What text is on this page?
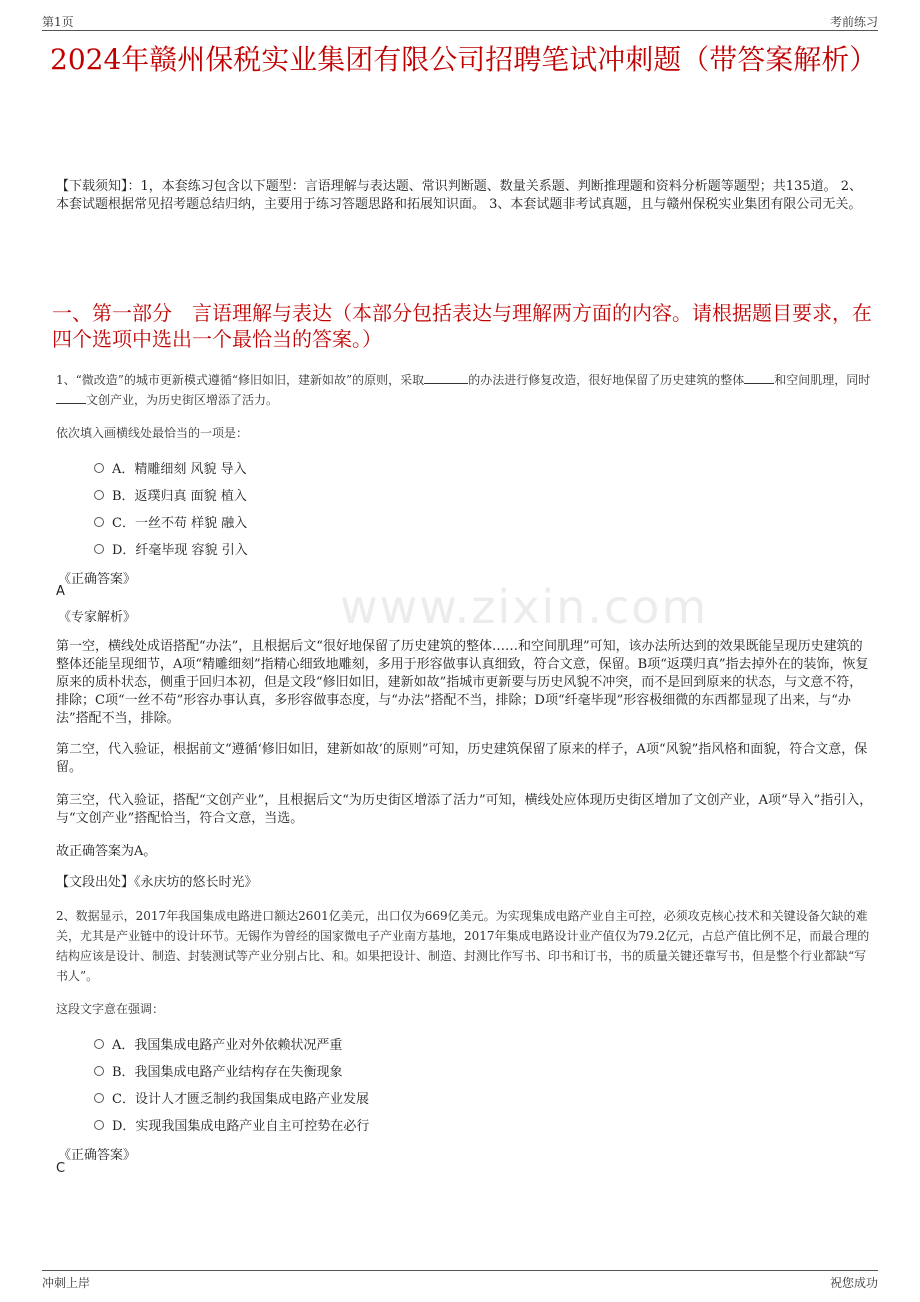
第1页	考前练习
www.zixin.com
2024年赣州保税实业集团有限公司招聘笔试冲刺题（带答案解析）
【下载须知】：1，本套练习包含以下题型：言语理解与表达题、常识判断题、数量关系题、判断推理题和资料分析题等题型；共135道。 2、本套试题根据常见招考题总结归纳，主要用于练习答题思路和拓展知识面。 3、本套试题非考试真题，且与赣州保税实业集团有限公司无关。
一、第一部分　言语理解与表达（本部分包括表达与理解两方面的内容。请根据题目要求，在四个选项中选出一个最恰当的答案。）
1、“微改造”的城市更新模式遵循“修旧如旧，建新如故”的原则，采取	的办法进行修复改造，很好地保留了历史建筑的整体	和空间肌理，同时文创产业，为历史街区增添了活力。
依次填入画横线处最恰当的一项是：
A．精雕细刻 风貌 导入
B．返璞归真 面貌 植入
C．一丝不苟 样貌 融入
D．纤毫毕现 容貌 引入
《正确答案》
A
《专家解析》
第一空，横线处成语搭配“办法”，且根据后文“很好地保留了历史建筑的整体……和空间肌理”可知，该办法所达到的效果既能呈现历史建筑的整体还能呈现细节，A项“精雕细刻”指精心细致地雕刻，多用于形容做事认真细致，符合文意，保留。B项“返璞归真”指去掉外在的装饰，恢复原来的质朴状态，侧重于回归本初，但是文段“修旧如旧，建新如故”指城市更新要与历史风貌不冲突，而不是回到原来的状态，与文意不符，排除；C项“一丝不苟”形容办事认真，多形容做事态度，与“办法”搭配不当，排除；D项“纤毫毕现”形容极细微的东西都显现了出来，与“办法”搭配不当，排除。
第二空，代入验证，根据前文“遵循‘修旧如旧，建新如故’的原则”可知，历史建筑保留了原来的样子，A项“风貌”指风格和面貌，符合文意，保留。
第三空，代入验证，搭配“文创产业”，且根据后文“为历史街区增添了活力”可知，横线处应体现历史街区增加了文创产业，A项“导入”指引入，与“文创产业”搭配恰当，符合文意，当选。
故正确答案为A。
【文段出处】《永庆坊的悠长时光》
2、数据显示，2017年我国集成电路进口额达2601亿美元，出口仅为669亿美元。为实现集成电路产业自主可控，必须攻克核心技术和关键设备欠缺的难关，尤其是产业链中的设计环节。无锡作为曾经的国家微电子产业南方基地，2017年集成电路设计业产值仅为79.2亿元，占总产值比例不足，而最合理的结构应该是设计、制造、封装测试等产业分别占比、和。如果把设计、制造、封测比作写书、印书和订书，书的质量关键还靠写书，但是整个行业都缺“写书人”。
这段文字意在强调：
A．我国集成电路产业对外依赖状况严重
B．我国集成电路产业结构存在失衡现象
C．设计人才匮乏制约我国集成电路产业发展
D．实现我国集成电路产业自主可控势在必行
《正确答案》
C
冲刺上岸	祝您成功
